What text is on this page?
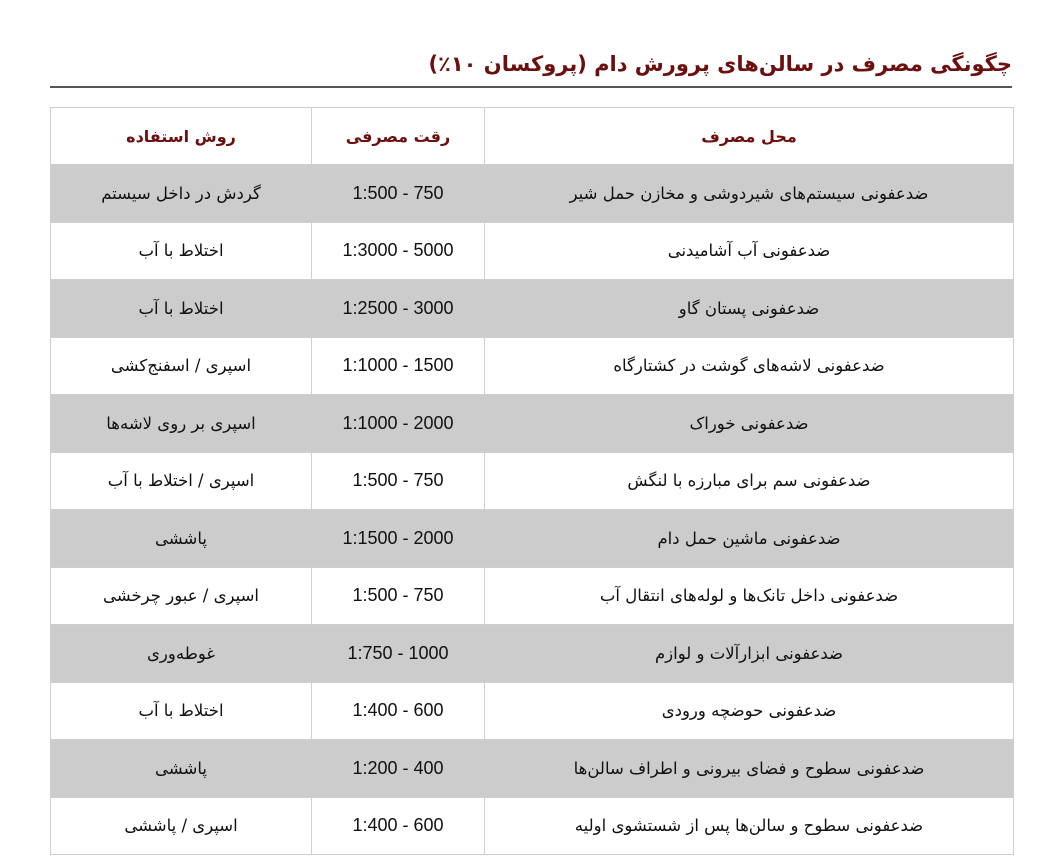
چگونگی مصرف در سالن‌های پرورش دام (پروکسان ۱۰٪)
محل مصرف	رقت مصرفی	روش استفاده
ضدعفونی سیستم‌های شیردوشی و مخازن حمل شیر	1:500 - 750	گردش در داخل سیستم
ضدعفونی آب آشامیدنی	1:3000 - 5000	اختلاط با آب
ضدعفونی پستان گاو	1:2500 - 3000	اختلاط با آب
ضدعفونی لاشه‌های گوشت در کشتارگاه	1:1000 - 1500	اسپری / اسفنج‌کشی
ضدعفونی خوراک	1:1000 - 2000	اسپری بر روی لاشه‌ها
ضدعفونی سم برای مبارزه با لنگش	1:500 - 750	اسپری / اختلاط با آب
ضدعفونی ماشین حمل دام	1:1500 - 2000	پاششی
ضدعفونی داخل تانک‌ها و لوله‌های انتقال آب	1:500 - 750	اسپری / عبور چرخشی
ضدعفونی ابزارآلات و لوازم	1:750 - 1000	غوطه‌وری
ضدعفونی حوضچه ورودی	1:400 - 600	اختلاط با آب
ضدعفونی سطوح و فضای بیرونی و اطراف سالن‌ها	1:200 - 400	پاششی
ضدعفونی سطوح و سالن‌ها پس از شستشوی اولیه	1:400 - 600	اسپری / پاششی
